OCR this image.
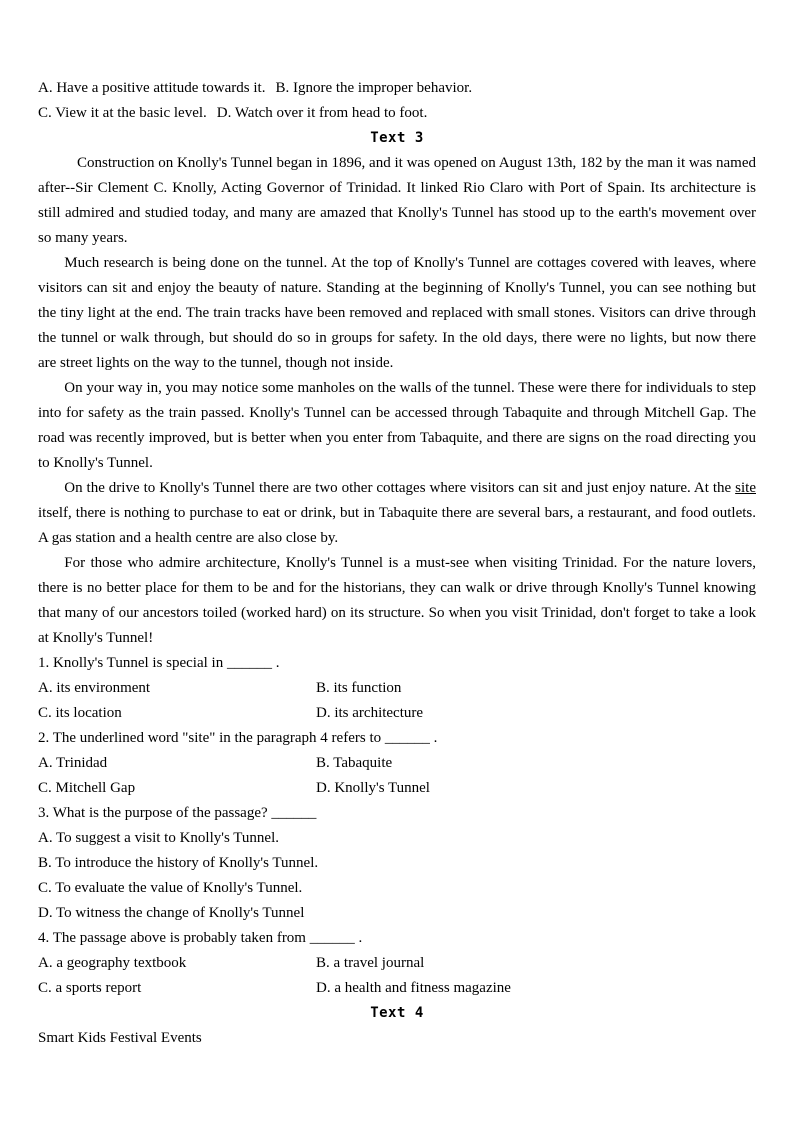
A. Have a positive attitude towards it. B. Ignore the improper behavior.
C. View it at the basic level. D. Watch over it from head to foot.
Text 3

Construction on Knolly's Tunnel began in 1896, and it was opened on August 13th, 182 by the man it was named after--Sir Clement C. Knolly, Acting Governor of Trinidad. It linked Rio Claro with Port of Spain. Its architecture is still admired and studied today, and many are amazed that Knolly's Tunnel has stood up to the earth's movement over so many years.

Much research is being done on the tunnel. At the top of Knolly's Tunnel are cottages covered with leaves, where visitors can sit and enjoy the beauty of nature. Standing at the beginning of Knolly's Tunnel, you can see nothing but the tiny light at the end. The train tracks have been removed and replaced with small stones. Visitors can drive through the tunnel or walk through, but should do so in groups for safety. In the old days, there were no lights, but now there are street lights on the way to the tunnel, though not inside.

On your way in, you may notice some manholes on the walls of the tunnel. These were there for individuals to step into for safety as the train passed. Knolly's Tunnel can be accessed through Tabaquite and through Mitchell Gap. The road was recently improved, but is better when you enter from Tabaquite, and there are signs on the road directing you to Knolly's Tunnel.

On the drive to Knolly's Tunnel there are two other cottages where visitors can sit and just enjoy nature. At the site itself, there is nothing to purchase to eat or drink, but in Tabaquite there are several bars, a restaurant, and food outlets. A gas station and a health centre are also close by.

For those who admire architecture, Knolly's Tunnel is a must-see when visiting Trinidad. For the nature lovers, there is no better place for them to be and for the historians, they can walk or drive through Knolly's Tunnel knowing that many of our ancestors toiled (worked hard) on its structure. So when you visit Trinidad, don't forget to take a look at Knolly's Tunnel!

1. Knolly's Tunnel is special in ______ .
A. its environment	B. its function
C. its location	D. its architecture
2. The underlined word "site" in the paragraph 4 refers to ______ .
A. Trinidad	B. Tabaquite
C. Mitchell Gap	D. Knolly's Tunnel
3. What is the purpose of the passage? ______
A. To suggest a visit to Knolly's Tunnel.
B. To introduce the history of Knolly's Tunnel.
C. To evaluate the value of Knolly's Tunnel.
D. To witness the change of Knolly's Tunnel
4. The passage above is probably taken from ______ .
A. a geography textbook	B. a travel journal
C. a sports report	D. a health and fitness magazine
Text 4
Smart Kids Festival Events
